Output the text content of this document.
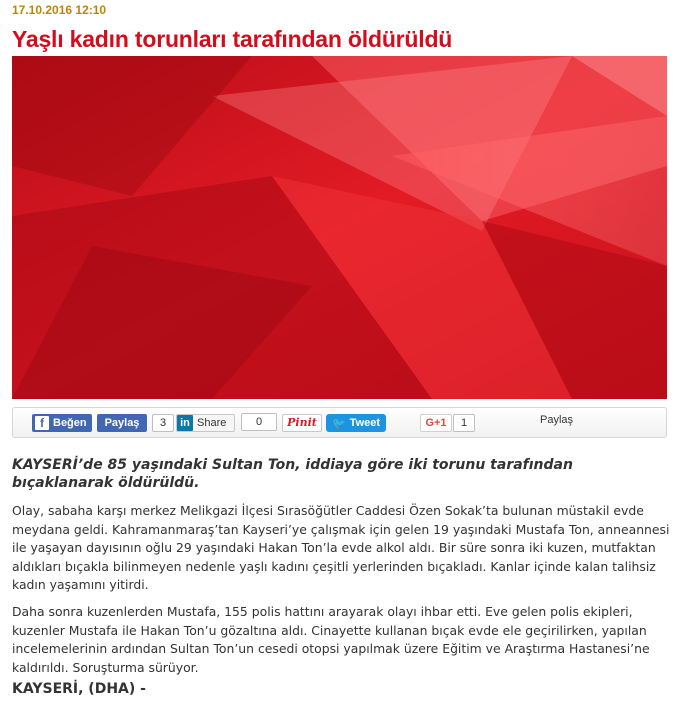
17.10.2016 12:10
Yaşlı kadın torunları tarafından öldürüldü
f Beğen	Paylaş	3	in Share	0	Pinit	🐦 Tweet	G+1	1	Paylaş

KAYSERİ’de 85 yaşındaki Sultan Ton, iddiaya göre iki torunu tarafından bıçaklanarak öldürüldü.

Olay, sabaha karşı merkez Melikgazi İlçesi Sırasöğütler Caddesi Özen Sokak’ta bulunan müstakil evde meydana geldi. Kahramanmaraş’tan Kayseri’ye çalışmak için gelen 19 yaşındaki Mustafa Ton, anneannesi ile yaşayan dayısının oğlu 29 yaşındaki Hakan Ton’la evde alkol aldı. Bir süre sonra iki kuzen, mutfaktan aldıkları bıçakla bilinmeyen nedenle yaşlı kadını çeşitli yerlerinden bıçakladı. Kanlar içinde kalan talihsiz kadın yaşamını yitirdi.

Daha sonra kuzenlerden Mustafa, 155 polis hattını arayarak olayı ihbar etti. Eve gelen polis ekipleri, kuzenler Mustafa ile Hakan Ton’u gözaltına aldı. Cinayette kullanan bıçak evde ele geçirilirken, yapılan incelemelerinin ardından Sultan Ton’un cesedi otopsi yapılmak üzere Eğitim ve Araştırma Hastanesi’ne kaldırıldı. Soruşturma sürüyor.

KAYSERİ, (DHA) -
